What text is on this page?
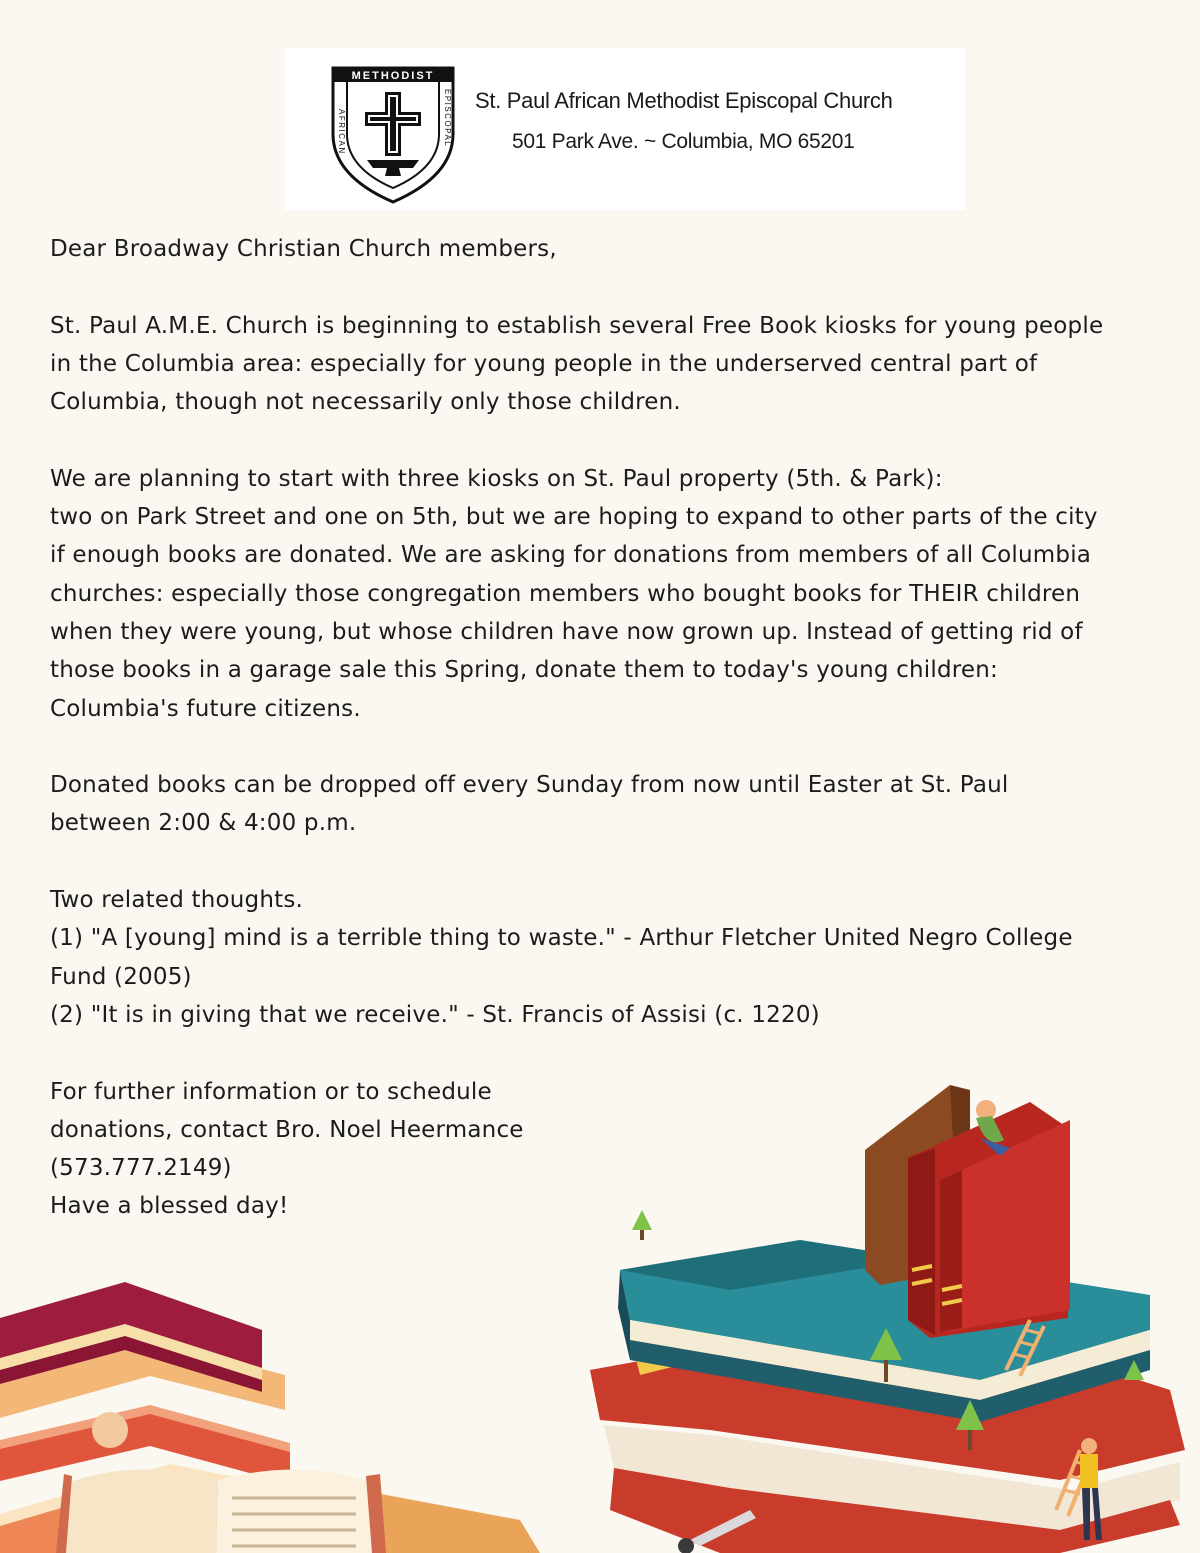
METHODIST
AFRICAN	EPISCOPAL St. Paul African Methodist Episcopal Church
501 Park Ave. ~ Columbia, MO 65201

Dear Broadway Christian Church members,

St. Paul A.M.E. Church is beginning to establish several Free Book kiosks for young people
in the Columbia area: especially for young people in the underserved central part of
Columbia, though not necessarily only those children.

We are planning to start with three kiosks on St. Paul property (5th. & Park):
two on Park Street and one on 5th, but we are hoping to expand to other parts of the city
if enough books are donated. We are asking for donations from members of all Columbia
churches: especially those congregation members who bought books for THEIR children
when they were young, but whose children have now grown up. Instead of getting rid of
those books in a garage sale this Spring, donate them to today's young children:
Columbia's future citizens.

Donated books can be dropped off every Sunday from now until Easter at St. Paul
between 2:00 & 4:00 p.m.

Two related thoughts.
(1) "A [young] mind is a terrible thing to waste." - Arthur Fletcher United Negro College
Fund (2005)
(2) "It is in giving that we receive." - St. Francis of Assisi (c. 1220)

For further information or to schedule
donations, contact Bro. Noel Heermance
(573.777.2149)
Have a blessed day!
